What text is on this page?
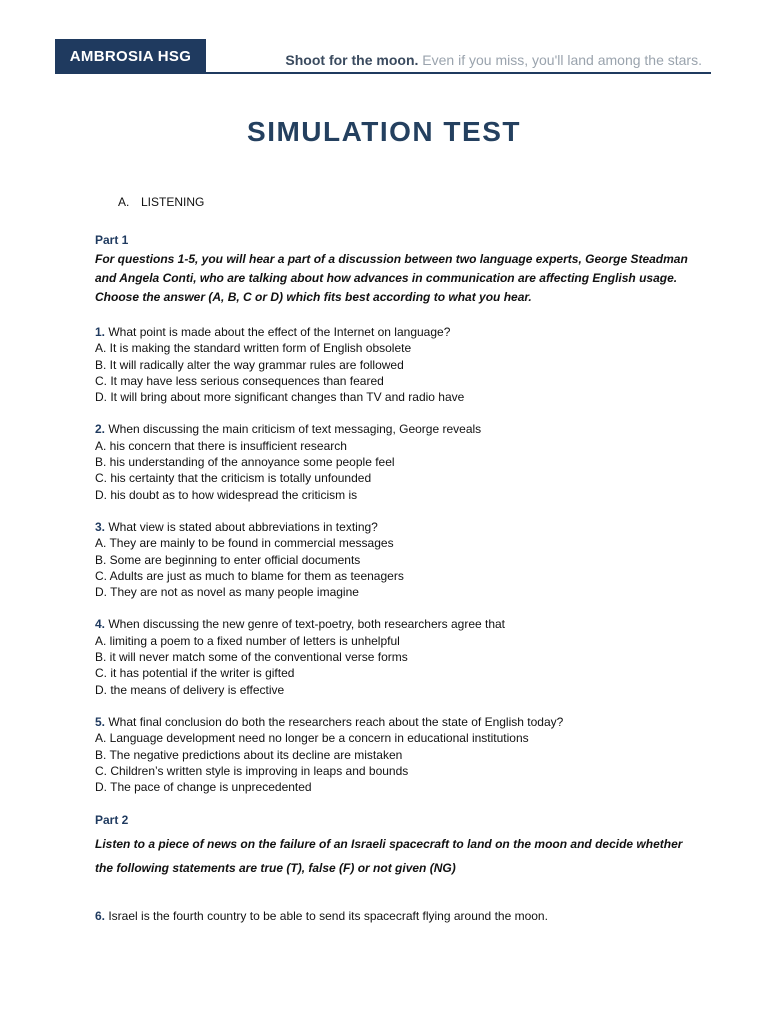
AMBROSIA HSG	Shoot for the moon. Even if you miss, you'll land among the stars.
SIMULATION TEST
A. LISTENING
Part 1
For questions 1-5, you will hear a part of a discussion between two language experts, George Steadman and Angela Conti, who are talking about how advances in communication are affecting English usage. Choose the answer (A, B, C or D) which fits best according to what you hear.

1. What point is made about the effect of the Internet on language?

A. It is making the standard written form of English obsolete

B. It will radically alter the way grammar rules are followed

C. It may have less serious consequences than feared

D. It will bring about more significant changes than TV and radio have

2. When discussing the main criticism of text messaging, George reveals

A. his concern that there is insufficient research

B. his understanding of the annoyance some people feel

C. his certainty that the criticism is totally unfounded

D. his doubt as to how widespread the criticism is

3. What view is stated about abbreviations in texting?

A. They are mainly to be found in commercial messages

B. Some are beginning to enter official documents

C. Adults are just as much to blame for them as teenagers

D. They are not as novel as many people imagine

4. When discussing the new genre of text-poetry, both researchers agree that

A. limiting a poem to a fixed number of letters is unhelpful

B. it will never match some of the conventional verse forms

C. it has potential if the writer is gifted

D. the means of delivery is effective

5. What final conclusion do both the researchers reach about the state of English today?

A. Language development need no longer be a concern in educational institutions

B. The negative predictions about its decline are mistaken

C. Children’s written style is improving in leaps and bounds

D. The pace of change is unprecedented

Part 2
Listen to a piece of news on the failure of an Israeli spacecraft to land on the moon and decide whether the following statements are true (T), false (F) or not given (NG)

6. Israel is the fourth country to be able to send its spacecraft flying around the moon.
